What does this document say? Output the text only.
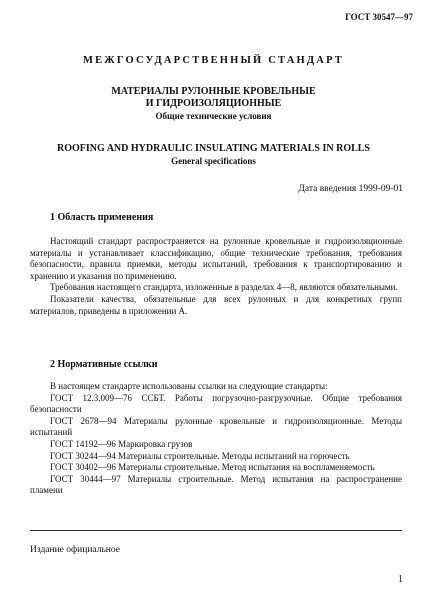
ГОСТ 30547—97
МЕЖГОСУДАРСТВЕННЫЙ СТАНДАРТ
МАТЕРИАЛЫ РУЛОННЫЕ КРОВЕЛЬНЫЕ
И ГИДРОИЗОЛЯЦИОННЫЕ
Общие технические условия
ROOFING AND HYDRAULIC INSULATING MATERIALS IN ROLLS
General specifications
Дата введения 1999-09-01
1 Область применения

Настоящий стандарт распространяется на рулонные кровельные и гидроизоляционные материалы и устанавливает классификацию, общие технические требования, требования безопасности, правила приемки, методы испытаний, требования к транспортированию и хранению и указания по применению.

Требования настоящего стандарта, изложенные в разделах 4—8, являются обязательными.

Показатели качества, обязательные для всех рулонных и для конкретных групп материалов, приведены в приложении А.

2 Нормативные ссылки

В настоящем стандарте использованы ссылки на следующие стандарты:

ГОСТ 12.3.009—76 ССБТ. Работы погрузочно-разгрузочные. Общие требования безопасности

ГОСТ 2678—94 Материалы рулонные кровельные и гидроизоляционные. Методы испытаний

ГОСТ 14192—96 Маркировка грузов

ГОСТ 30244—94 Материалы строительные. Методы испытаний на горючесть

ГОСТ 30402—96 Материалы строительные. Метод испытания на воспламеняемость

ГОСТ 30444—97 Материалы строительные. Метод испытания на распространение пламени

Издание официальное
1
